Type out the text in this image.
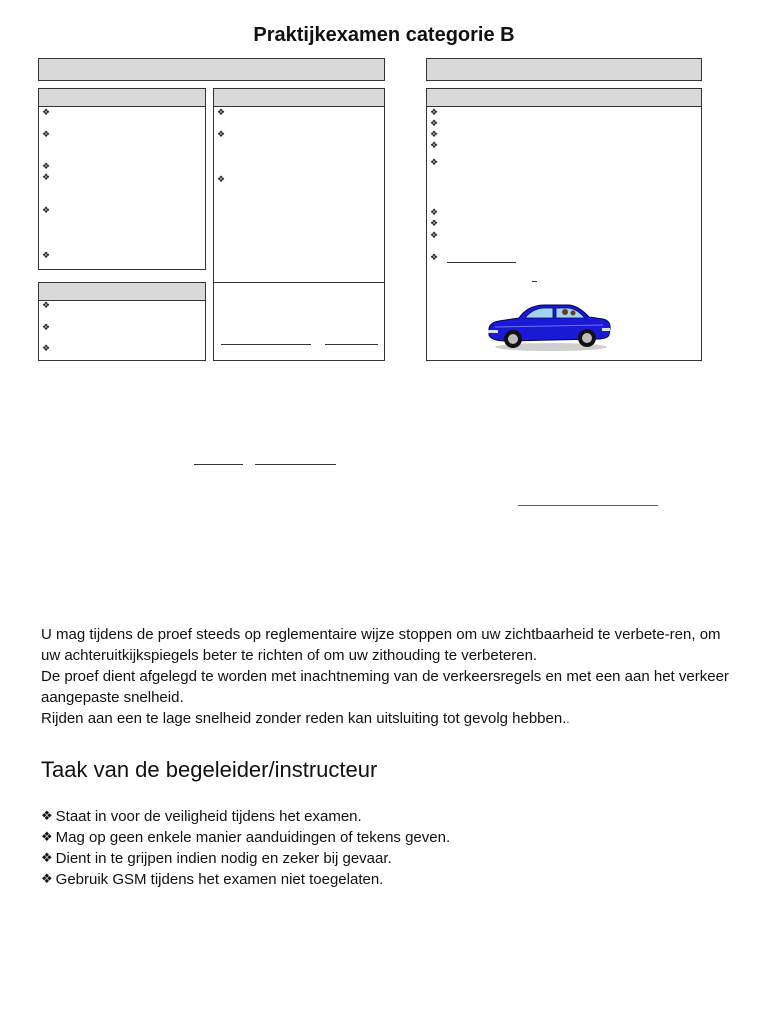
Praktijkexamen categorie B
❖
❖
❖
❖
❖
❖
❖
❖
❖
❖
❖
❖
❖
❖
❖
❖
❖
❖
❖
❖
❖

U mag tijdens de proef steeds op reglementaire wijze stoppen om uw zichtbaarheid te verbete-ren, om uw achteruitkijkspiegels beter te richten of om uw zithouding te verbeteren.

De proef dient afgelegd te worden met inachtneming van de verkeersregels en met een aan het verkeer aangepaste snelheid.

Rijden aan een te lage snelheid zonder reden kan uitsluiting tot gevolg hebben..

Taak van de begeleider/instructeur
❖ Staat in voor de veiligheid tijdens het examen.
❖ Mag op geen enkele manier aanduidingen of tekens geven.
❖ Dient in te grijpen indien nodig en zeker bij gevaar.
❖ Gebruik GSM tijdens het examen niet toegelaten.
